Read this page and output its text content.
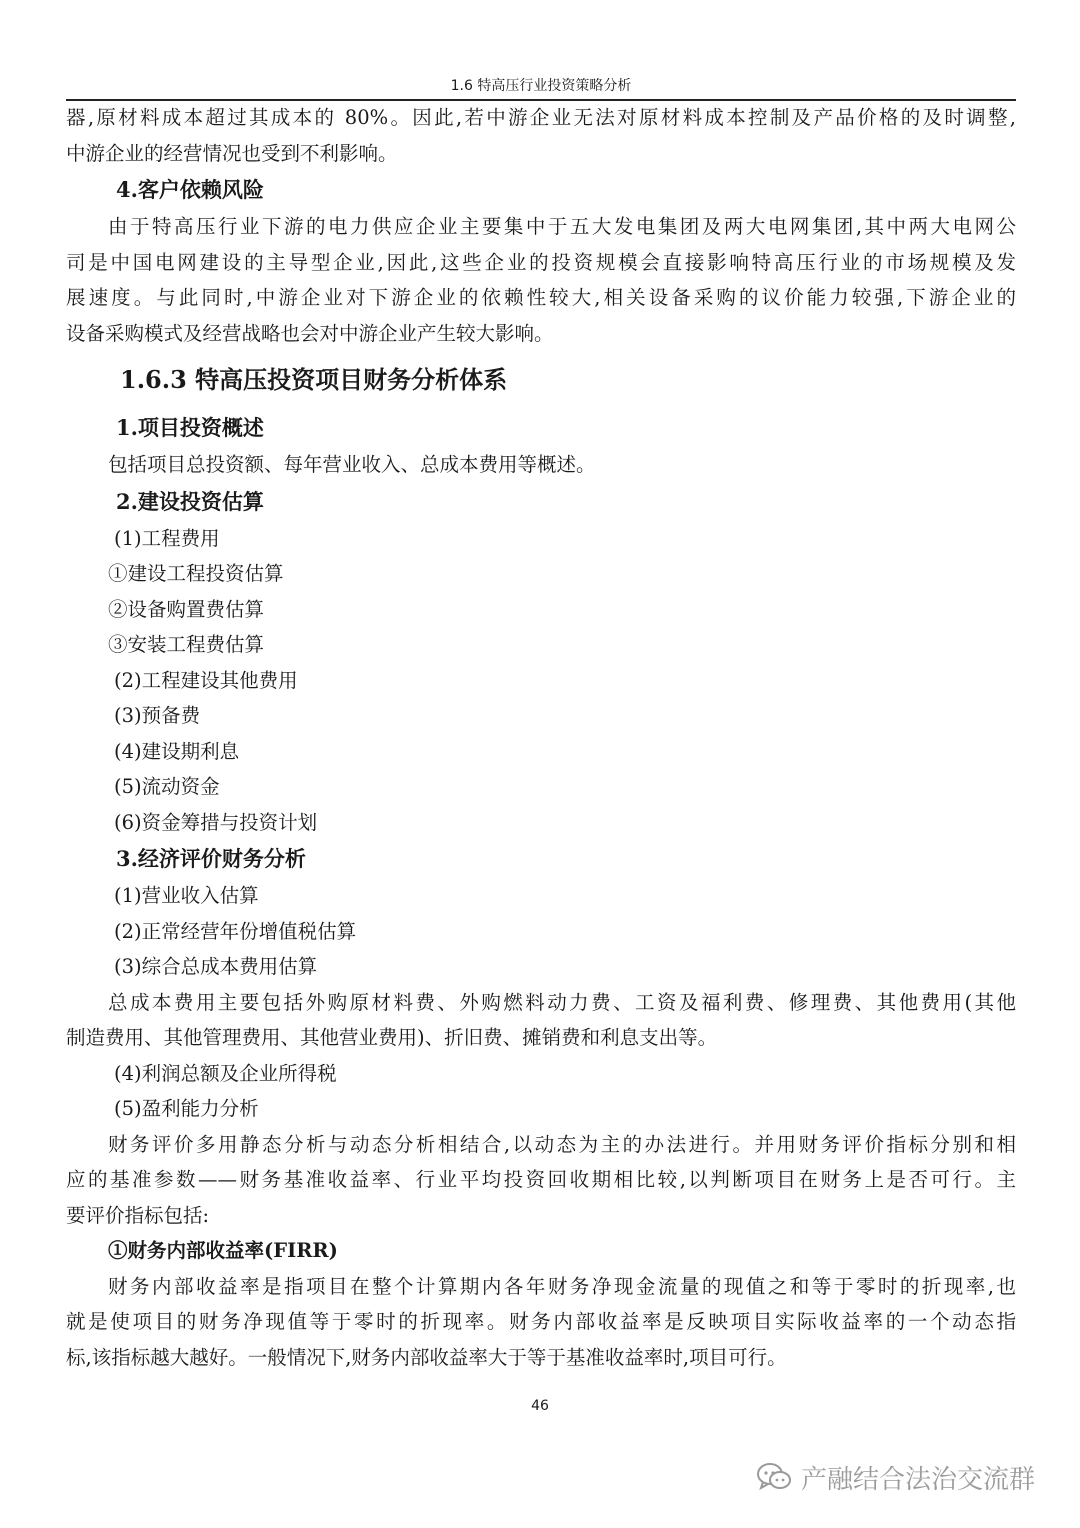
1.6 特高压行业投资策略分析
器,原材料成本超过其成本的 80%。因此,若中游企业无法对原材料成本控制及产品价格的及时调整,
中游企业的经营情况也受到不利影响。
4.客户依赖风险
由于特高压行业下游的电力供应企业主要集中于五大发电集团及两大电网集团,其中两大电网公
司是中国电网建设的主导型企业,因此,这些企业的投资规模会直接影响特高压行业的市场规模及发
展速度。与此同时,中游企业对下游企业的依赖性较大,相关设备采购的议价能力较强,下游企业的
设备采购模式及经营战略也会对中游企业产生较大影响。
1.6.3 特高压投资项目财务分析体系
1.项目投资概述
包括项目总投资额、每年营业收入、总成本费用等概述。
2.建设投资估算
(1)工程费用
①建设工程投资估算
②设备购置费估算
③安装工程费估算
(2)工程建设其他费用
(3)预备费
(4)建设期利息
(5)流动资金
(6)资金筹措与投资计划
3.经济评价财务分析
(1)营业收入估算
(2)正常经营年份增值税估算
(3)综合总成本费用估算
总成本费用主要包括外购原材料费、外购燃料动力费、工资及福利费、修理费、其他费用(其他
制造费用、其他管理费用、其他营业费用)、折旧费、摊销费和利息支出等。
(4)利润总额及企业所得税
(5)盈利能力分析
财务评价多用静态分析与动态分析相结合,以动态为主的办法进行。并用财务评价指标分别和相
应的基准参数——财务基准收益率、行业平均投资回收期相比较,以判断项目在财务上是否可行。主
要评价指标包括:
①财务内部收益率(FIRR)
财务内部收益率是指项目在整个计算期内各年财务净现金流量的现值之和等于零时的折现率,也
就是使项目的财务净现值等于零时的折现率。财务内部收益率是反映项目实际收益率的一个动态指
标,该指标越大越好。一般情况下,财务内部收益率大于等于基准收益率时,项目可行。
46
产融结合法治交流群
